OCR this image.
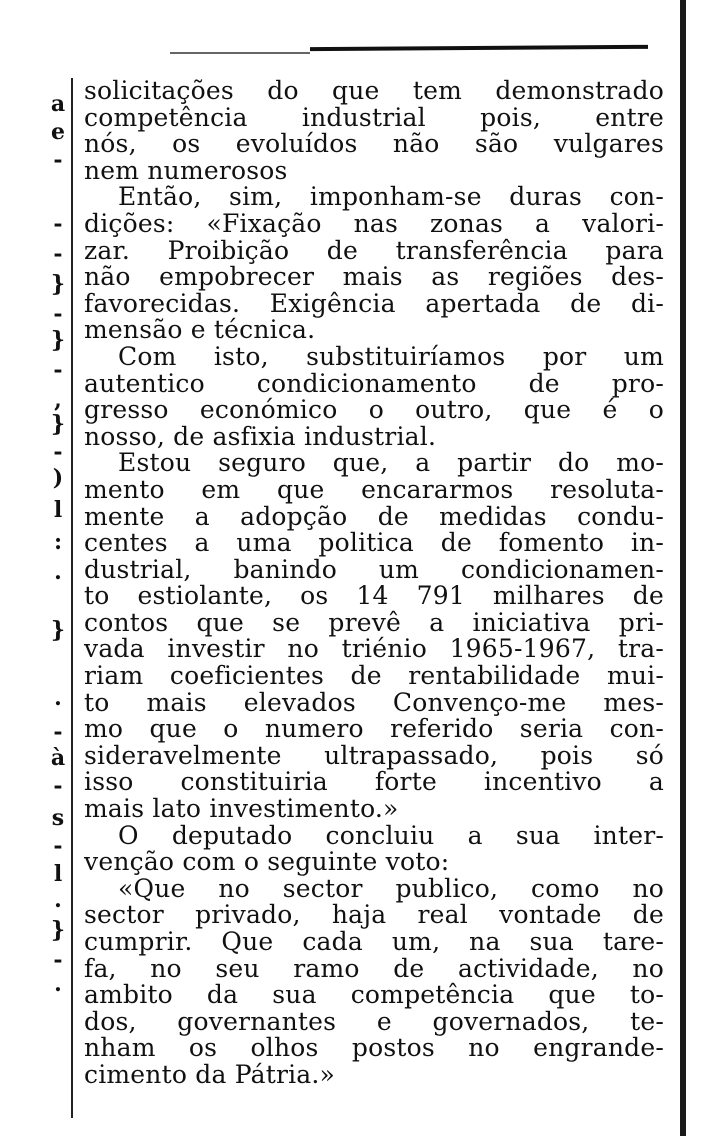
a
e
-
-
-
}
-
}
-
,
}
-
)
l
:
.
}
.
-
à
-
s
-
l
.
}
-
.
solicitações do que tem demonstrado
competência industrial pois, entre
nós, os evoluídos não são vulgares
nem numerosos
Então, sim, imponham-se duras con-
dições: «Fixação nas zonas a valori-
zar. Proibição de transferência para
não empobrecer mais as regiões des-
favorecidas. Exigência apertada de di-
mensão e técnica.
Com isto, substituiríamos por um
autentico condicionamento de pro-
gresso económico o outro, que é o
nosso, de asfixia industrial.
Estou seguro que, a partir do mo-
mento em que encararmos resoluta-
mente a adopção de medidas condu-
centes a uma politica de fomento in-
dustrial, banindo um condicionamen-
to estiolante, os 14 791 milhares de
contos que se prevê a iniciativa pri-
vada investir no triénio 1965-1967, tra-
riam coeficientes de rentabilidade mui-
to mais elevados Convenço-me mes-
mo que o numero referido seria con-
sideravelmente ultrapassado, pois só
isso constituiria forte incentivo a
mais lato investimento.»
O deputado concluiu a sua inter-
venção com o seguinte voto:
«Que no sector publico, como no
sector privado, haja real vontade de
cumprir. Que cada um, na sua tare-
fa, no seu ramo de actividade, no
ambito da sua competência que to-
dos, governantes e governados, te-
nham os olhos postos no engrande-
cimento da Pátria.»
